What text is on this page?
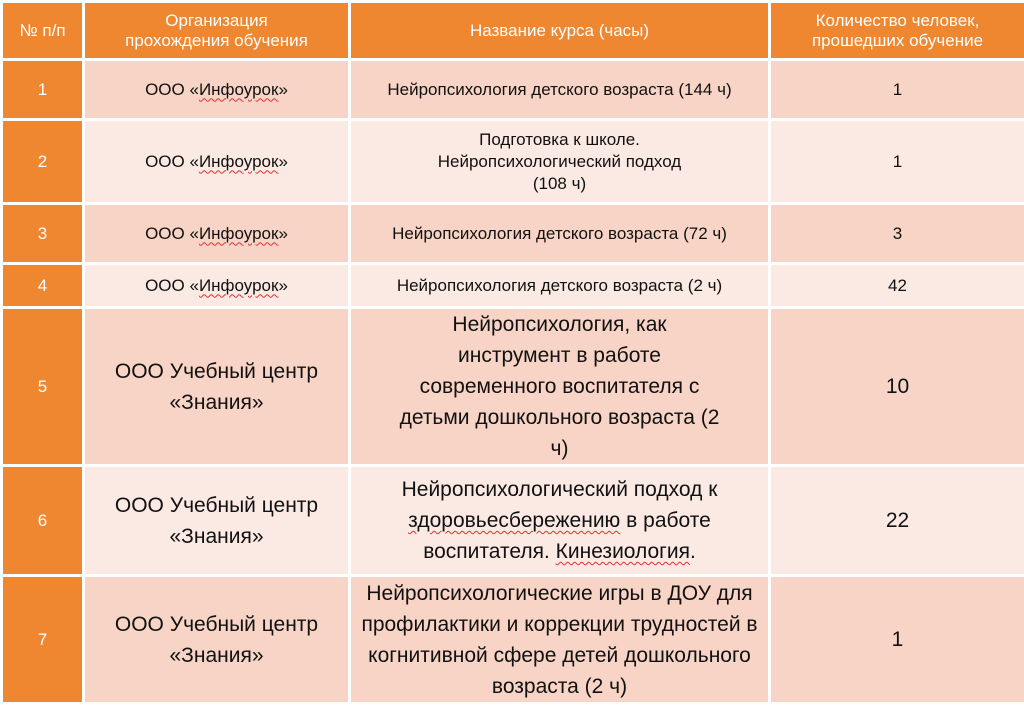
№ п/п	Организация прохождения обучения	Название курса (часы)	Количество человек, прошедших обучение
1	ООО «Инфоурок»	Нейропсихология детского возраста (144 ч)	1
2	ООО «Инфоурок»	Подготовка к школе.
Нейропсихологический подход
(108 ч)	1
3	ООО «Инфоурок»	Нейропсихология детского возраста (72 ч)	3
4	ООО «Инфоурок»	Нейропсихология детского возраста (2 ч)	42
5	ООО Учебный центр
«Знания»	Нейропсихология, как инструмент в работе современного воспитателя с детьми дошкольного возраста (2 ч)	10
6	ООО Учебный центр
«Знания»	Нейропсихологический подход к здоровьесбережению в работе воспитателя. Кинезиология.	22
7	ООО Учебный центр
«Знания»	Нейропсихологические игры в ДОУ для профилактики и коррекции трудностей в когнитивной сфере детей дошкольного возраста (2 ч)	1
